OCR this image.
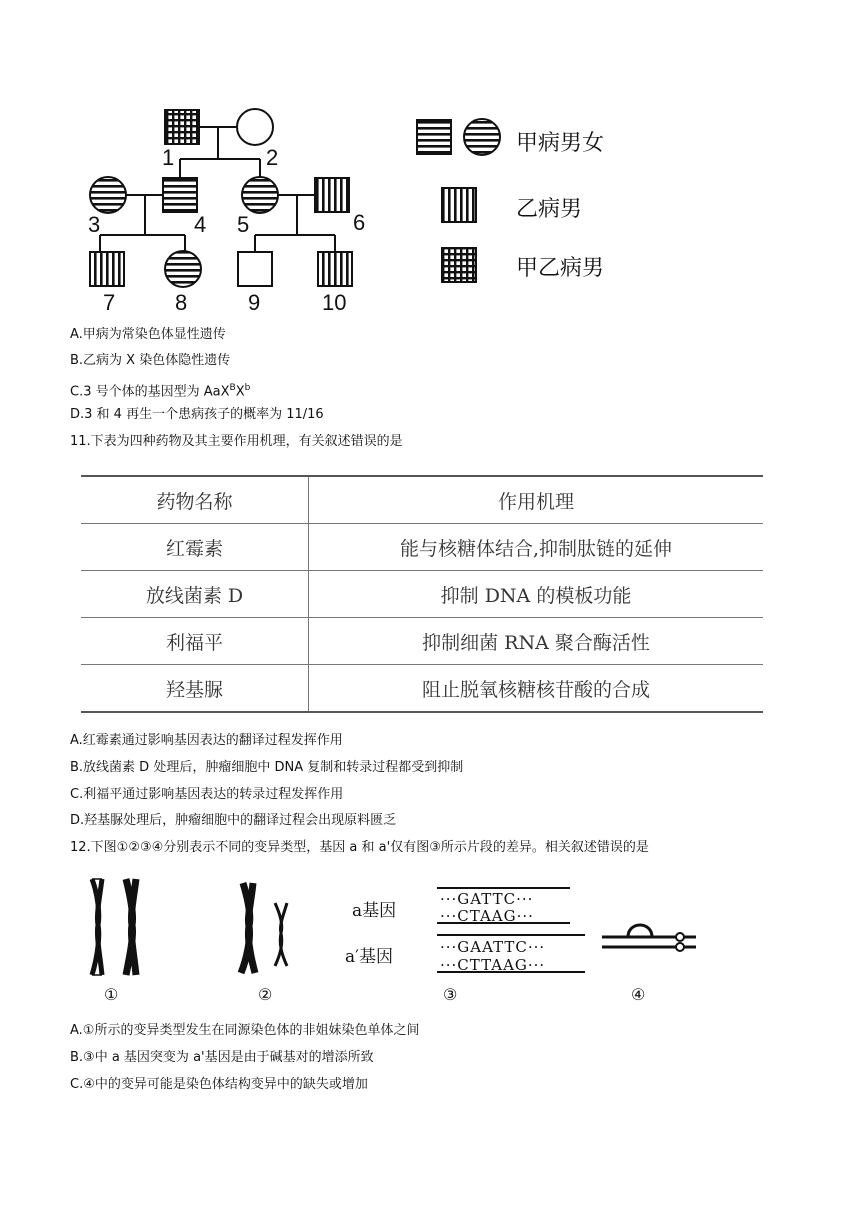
1	2
3	4 5	6
7	8	9	10
甲病男女
乙病男
甲乙病男
A.甲病为常染色体显性遗传
B.乙病为 X 染色体隐性遗传
C.3 号个体的基因型为 $AaX^BX^b$
D.3 和 4 再生一个患病孩子的概率为 11/16
11.下表为四种药物及其主要作用机理，有关叙述错误的是
药物名称	作用机理
红霉素	能与核糖体结合,抑制肽链的延伸
放线菌素 D	抑制 DNA 的模板功能
利福平	抑制细菌 RNA 聚合酶活性
羟基脲	阻止脱氧核糖核苷酸的合成
A.红霉素通过影响基因表达的翻译过程发挥作用
B.放线菌素 D 处理后，肿瘤细胞中 DNA 复制和转录过程都受到抑制
C.利福平通过影响基因表达的转录过程发挥作用
D.羟基脲处理后，肿瘤细胞中的翻译过程会出现原料匮乏
12.下图①②③④分别表示不同的变异类型，基因 a 和 a'仅有图③所示片段的差异。相关叙述错误的是
a基因
a′基因
···GATTC···
···CTAAG···
···GAATTC···
···CTTAAG···
①	②	③	④
A.①所示的变异类型发生在同源染色体的非姐妹染色单体之间
B.③中 a 基因突变为 a'基因是由于碱基对的增添所致
C.④中的变异可能是染色体结构变异中的缺失或增加
